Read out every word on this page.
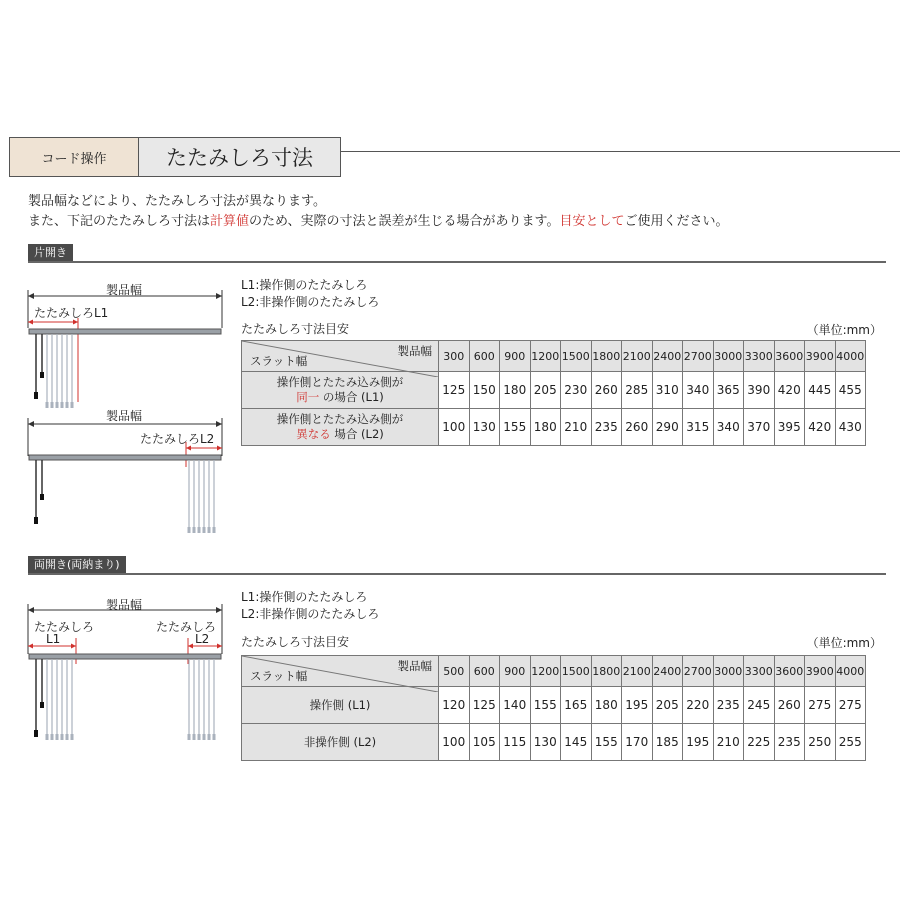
コード操作	たたみしろ寸法
製品幅などにより、たたみしろ寸法が異なります。
また、下記のたたみしろ寸法は計算値のため、実際の寸法と誤差が生じる場合があります。目安としてご使用ください。
片開き
製品幅
たたみしろL1
製品幅
たたみしろL2
L1:操作側のたたみしろ
L2:非操作側のたたみしろ
たたみしろ寸法目安	（単位:mm）
製品幅
スラット幅	300	600	900	1200	1500	1800	2100	2400	2700	3000	3300	3600	3900	4000
操作側とたたみ込み側が
同一 の場合 (L1)	125	150	180	205	230	260	285	310	340	365	390	420	445	455
操作側とたたみ込み側が
異なる 場合 (L2)	100	130	155	180	210	235	260	290	315	340	370	395	420	430
両開き(両納まり)
製品幅
たたみしろ
L1
たたみしろ
L2
L1:操作側のたたみしろ
L2:非操作側のたたみしろ
たたみしろ寸法目安	（単位:mm）
製品幅
スラット幅	500	600	900	1200	1500	1800	2100	2400	2700	3000	3300	3600	3900	4000
操作側 (L1)	120	125	140	155	165	180	195	205	220	235	245	260	275	275
非操作側 (L2)	100	105	115	130	145	155	170	185	195	210	225	235	250	255
